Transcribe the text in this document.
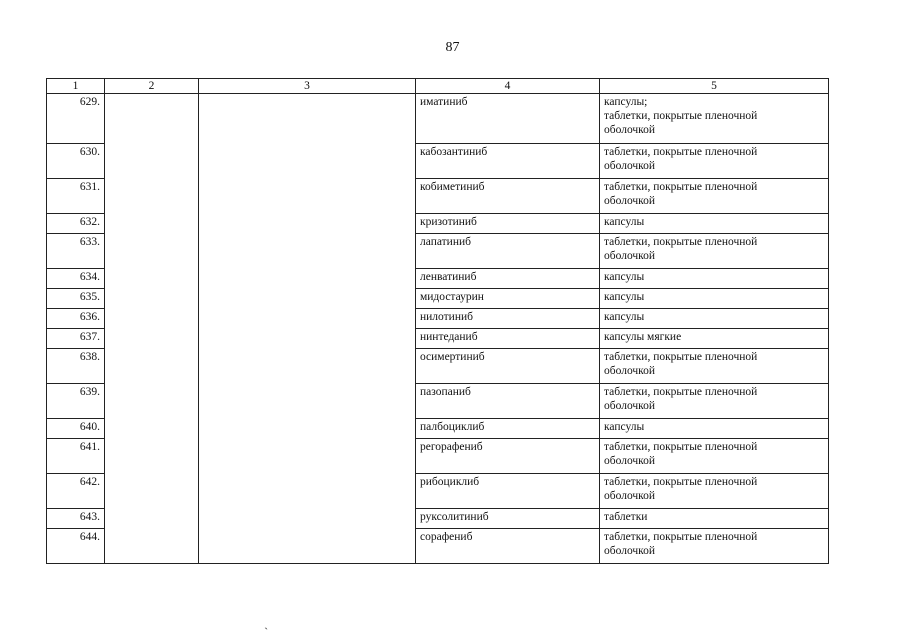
87
1	2	3	4	5
629.			иматиниб	капсулы;
таблетки, покрытые пленочной
оболочкой

630.			кабозантиниб	таблетки, покрытые пленочной
оболочкой

631.			кобиметиниб	таблетки, покрытые пленочной
оболочкой

632.			кризотиниб	капсулы

633.			лапатиниб	таблетки, покрытые пленочной
оболочкой

634.			ленватиниб	капсулы

635.			мидостаурин	капсулы

636.			нилотиниб	капсулы

637.			нинтеданиб	капсулы мягкие

638.			осимертиниб	таблетки, покрытые пленочной
оболочкой

639.			пазопаниб	таблетки, покрытые пленочной
оболочкой

640.			палбоциклиб	капсулы

641.			регорафениб	таблетки, покрытые пленочной
оболочкой

642.			рибоциклиб	таблетки, покрытые пленочной
оболочкой

643.			руксолитиниб	таблетки

644.			сорафениб	таблетки, покрытые пленочной
оболочкой
